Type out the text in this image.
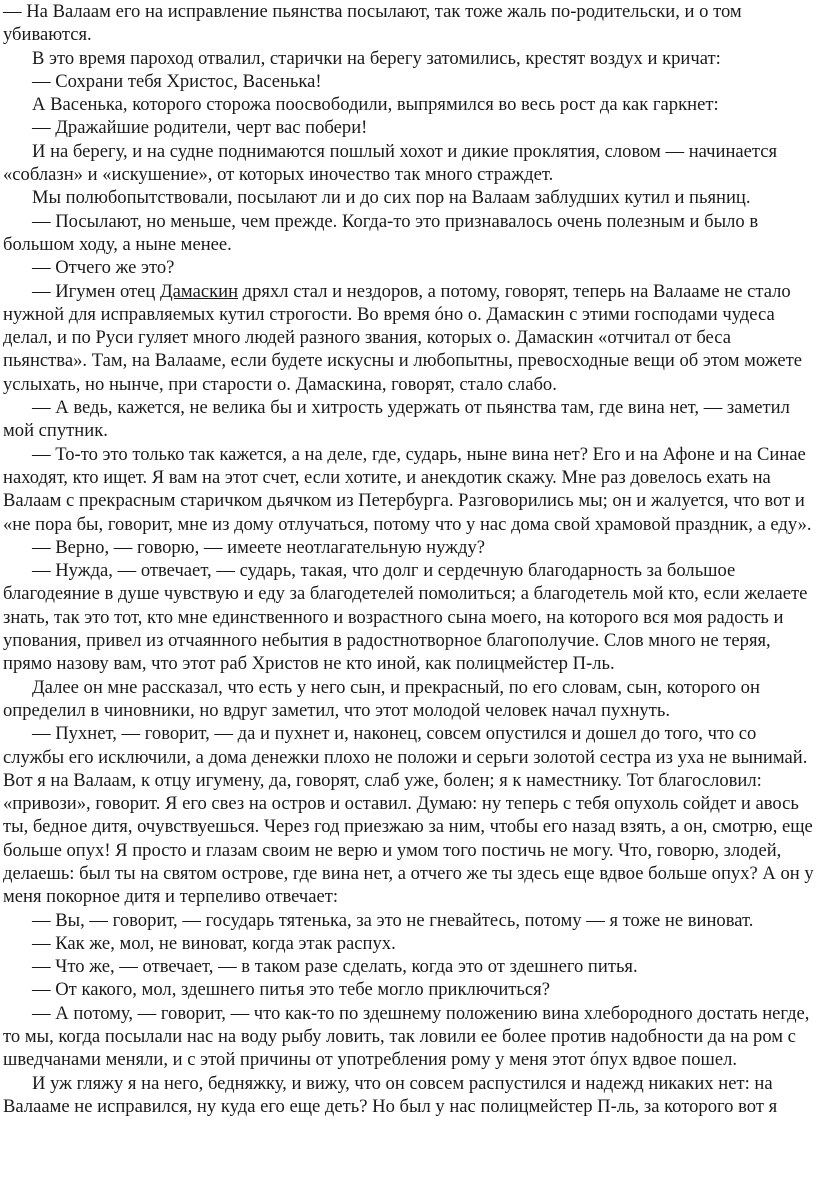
— На Валаам его на исправление пьянства посылают, так тоже жаль по-родительски, и о том убиваются.

В это время пароход отвалил, старички на берегу затомились, крестят воздух и кричат:

— Сохрани тебя Христос, Васенька!

А Васенька, которого сторожа поосвободили, выпрямился во весь рост да как гаркнет:

— Дражайшие родители, черт вас побери!

И на берегу, и на судне поднимаются пошлый хохот и дикие проклятия, словом — начинается «соблазн» и «искушение», от которых иночество так много страждет.

Мы полюбопытствовали, посылают ли и до сих пор на Валаам заблудших кутил и пьяниц.

— Посылают, но меньше, чем прежде. Когда-то это признавалось очень полезным и было в большом ходу, а ныне менее.

— Отчего же это?

— Игумен отец Дамаскин дряхл стал и нездоров, а потому, говорят, теперь на Валааме не стало нужной для исправляемых кутил строгости. Во время óно о. Дамаскин с этими господами чудеса делал, и по Руси гуляет много людей разного звания, которых о. Дамаскин «отчитал от беса пьянства». Там, на Валааме, если будете искусны и любопытны, превосходные вещи об этом можете услыхать, но нынче, при старости о. Дамаскина, говорят, стало слабо.

— А ведь, кажется, не велика бы и хитрость удержать от пьянства там, где вина нет, — заметил мой спутник.

— То-то это только так кажется, а на деле, где, сударь, ныне вина нет? Его и на Афоне и на Синае находят, кто ищет. Я вам на этот счет, если хотите, и анекдотик скажу. Мне раз довелось ехать на Валаам с прекрасным старичком дьячком из Петербурга. Разговорились мы; он и жалуется, что вот и «не пора бы, говорит, мне из дому отлучаться, потому что у нас дома свой храмовой праздник, а еду».

— Верно, — говорю, — имеете неотлагательную нужду?

— Нужда, — отвечает, — сударь, такая, что долг и сердечную благодарность за большое благодеяние в душе чувствую и еду за благодетелей помолиться; а благодетель мой кто, если желаете знать, так это тот, кто мне единственного и возрастного сына моего, на которого вся моя радость и упования, привел из отчаянного небытия в радостнотворное благополучие. Слов много не теряя, прямо назову вам, что этот раб Христов не кто иной, как полицмейстер П-ль.

Далее он мне рассказал, что есть у него сын, и прекрасный, по его словам, сын, которого он определил в чиновники, но вдруг заметил, что этот молодой человек начал пухнуть.

— Пухнет, — говорит, — да и пухнет и, наконец, совсем опустился и дошел до того, что со службы его исключили, а дома денежки плохо не положи и серьги золотой сестра из уха не вынимай. Вот я на Валаам, к отцу игумену, да, говорят, слаб уже, болен; я к наместнику. Тот благословил: «привози», говорит. Я его свез на остров и оставил. Думаю: ну теперь с тебя опухоль сойдет и авось ты, бедное дитя, очувствуешься. Через год приезжаю за ним, чтобы его назад взять, а он, смотрю, еще больше опух! Я просто и глазам своим не верю и умом того постичь не могу. Что, говорю, злодей, делаешь: был ты на святом острове, где вина нет, а отчего же ты здесь еще вдвое больше опух? А он у меня покорное дитя и терпеливо отвечает:

— Вы, — говорит, — государь тятенька, за это не гневайтесь, потому — я тоже не виноват.

— Как же, мол, не виноват, когда этак распух.

— Что же, — отвечает, — в таком разе сделать, когда это от здешнего питья.

— От какого, мол, здешнего питья это тебе могло приключиться?

— А потому, — говорит, — что как-то по здешнему положению вина хлебородного достать негде, то мы, когда посылали нас на воду рыбу ловить, так ловили ее более против надобности да на ром с шведчанами меняли, и с этой причины от употребления рому у меня этот óпух вдвое пошел.

И уж гляжу я на него, бедняжку, и вижу, что он совсем распустился и надежд никаких нет: на Валааме не исправился, ну куда его еще деть? Но был у нас полицмейстер П-ль, за которого вот я
